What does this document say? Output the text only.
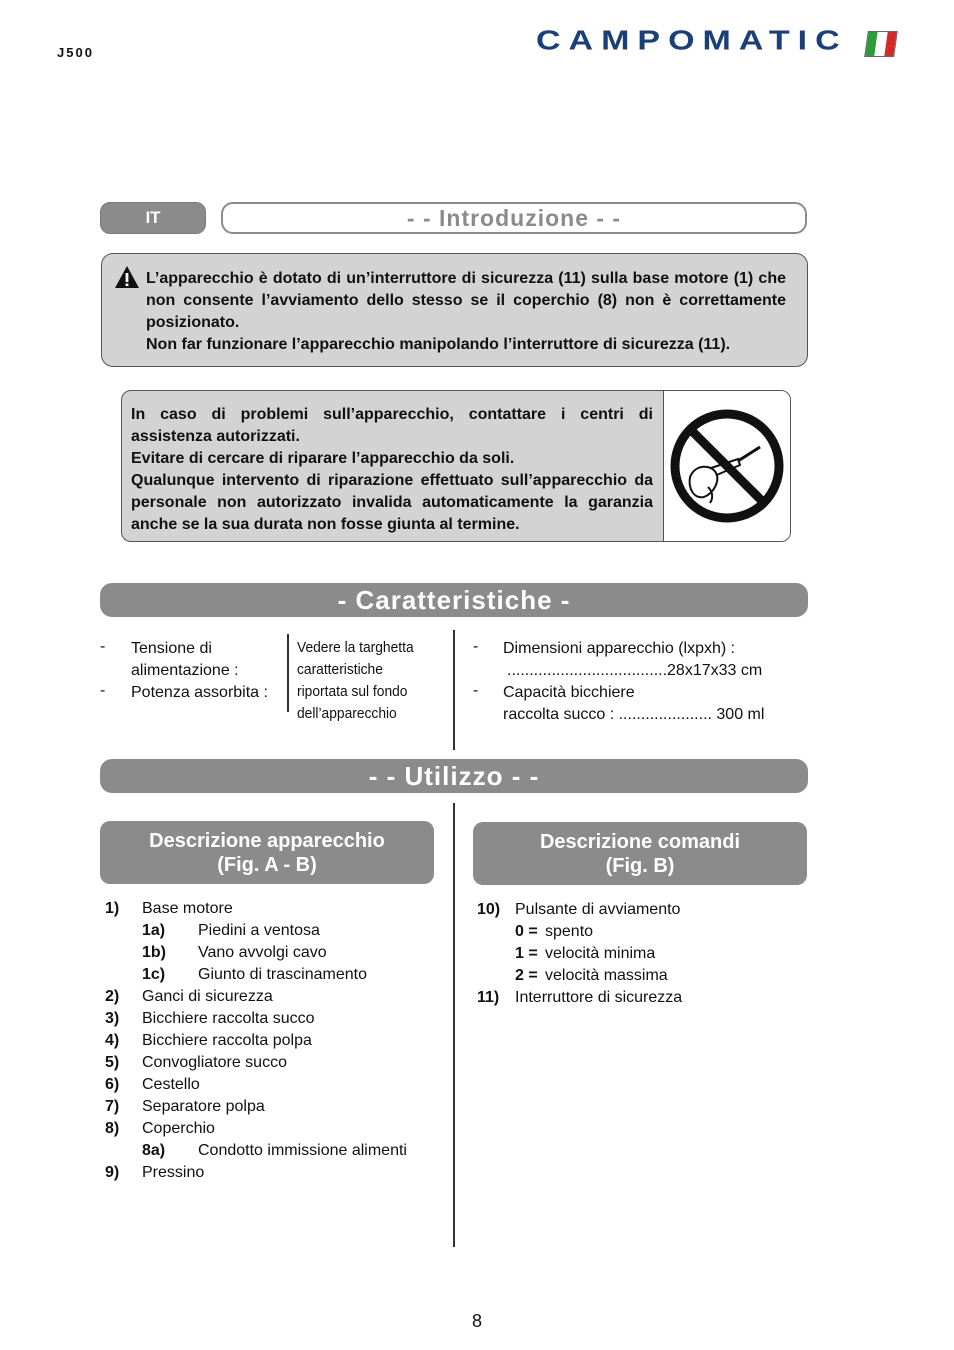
J500	CAMPOMATIC
IT	- - Introduzione - -

L’apparecchio è dotato di un’interruttore di sicurezza (11) sulla base motore (1) che non consente l’avviamento dello stesso se il coperchio (8) non è correttamente posizionato.

Non far funzionare l’apparecchio manipolando l’interruttore di sicurezza (11).

In caso di problemi sull’apparecchio, contattare i centri di assistenza autorizzati.

Evitare di cercare di riparare l’apparecchio da soli.

Qualunque intervento di riparazione effettuato sull’apparecchio da personale non autorizzato invalida automaticamente la garanzia anche se la sua durata non fosse giunta al termine.

- Caratteristiche -
- Tensione di
alimentazione :
- Potenza assorbita :
Vedere la targhetta
caratteristiche
riportata sul fondo
dell’apparecchio
- Dimensioni apparecchio (lxpxh) :
....................................28x17x33 cm
- Capacità bicchiere
raccolta succo : ..................... 300 ml
- - Utilizzo - -
Descrizione apparecchio
(Fig. A - B)
Descrizione comandi
(Fig. B)
1) Base motore
1a) Piedini a ventosa
1b) Vano avvolgi cavo
1c) Giunto di trascinamento
2) Ganci di sicurezza
3) Bicchiere raccolta succo
4) Bicchiere raccolta polpa
5) Convogliatore succo
6) Cestello
7) Separatore polpa
8) Coperchio
8a) Condotto immissione alimenti
9) Pressino
10) Pulsante di avviamento
0 = spento
1 = velocità minima
2 = velocità massima
11) Interruttore di sicurezza
8
